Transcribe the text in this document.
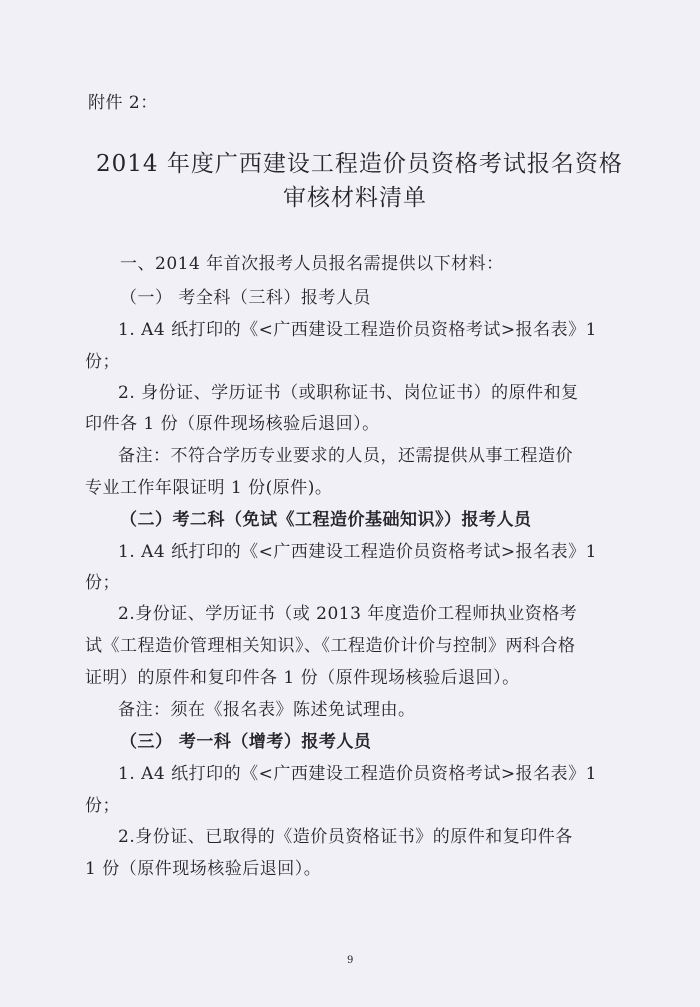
附件 2：
2014 年度广西建设工程造价员资格考试报名资格
审核材料清单
一、2014 年首次报考人员报名需提供以下材料：
（一） 考全科（三科）报考人员
1. A4 纸打印的《<广西建设工程造价员资格考试>报名表》1
份；
2. 身份证、学历证书（或职称证书、岗位证书）的原件和复
印件各 1 份（原件现场核验后退回）。
备注：不符合学历专业要求的人员，还需提供从事工程造价
专业工作年限证明 1 份(原件)。
（二）考二科（免试《工程造价基础知识》）报考人员
1. A4 纸打印的《<广西建设工程造价员资格考试>报名表》1
份；
2.身份证、学历证书（或 2013 年度造价工程师执业资格考
试《工程造价管理相关知识》、《工程造价计价与控制》两科合格
证明）的原件和复印件各 1 份（原件现场核验后退回）。
备注：须在《报名表》陈述免试理由。
（三） 考一科（增考）报考人员
1. A4 纸打印的《<广西建设工程造价员资格考试>报名表》1
份；
2.身份证、已取得的《造价员资格证书》的原件和复印件各
1 份（原件现场核验后退回）。
9
